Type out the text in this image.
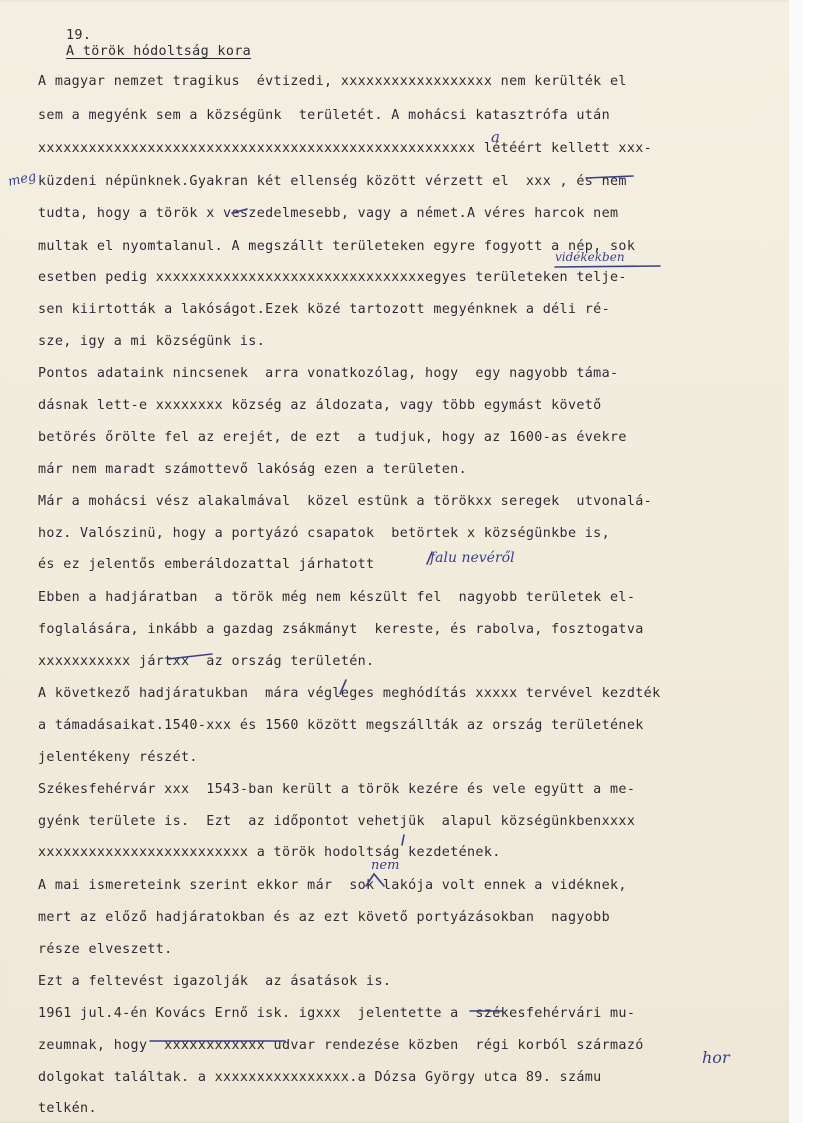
19.
A török hódoltság kora
A magyar nemzet tragikus  évtizedi, xxxxxxxxxxxxxxxxxx nem kerülték el
sem a megyénk sem a községünk  területét. A mohácsi katasztrófa után
xxxxxxxxxxxxxxxxxxxxxxxxxxxxxxxxxxxxxxxxxxxxxxxxxxxx létéért kellett xxx-
küzdeni népünknek.Gyakran két ellenség között vérzett el  xxx , és nem
tudta, hogy a török x veszedelmesebb, vagy a német.A véres harcok nem
multak el nyomtalanul. A megszállt területeken egyre fogyott a nép, sok
esetben pedig xxxxxxxxxxxxxxxxxxxxxxxxxxxxxxxxegyes területeken telje-
sen kiirtották a lakóságot.Ezek közé tartozott megyénknek a déli ré-
sze, igy a mi községünk is.
Pontos adataink nincsenek  arra vonatkozólag, hogy  egy nagyobb táma-
dásnak lett-e xxxxxxxx község az áldozata, vagy több egymást követő
betörés őrölte fel az erejét, de ezt  a tudjuk, hogy az 1600-as évekre
már nem maradt számottevő lakóság ezen a területen.
Már a mohácsi vész alakalmával  közel estünk a törökxx seregek  utvonalá-
hoz. Valószinü, hogy a portyázó csapatok  betörtek x községünkbe is,
és ez jelentős emberáldozattal járhatott
Ebben a hadjáratban  a török még nem készült fel  nagyobb területek el-
foglalására, inkább a gazdag zsákmányt  kereste, és rabolva, fosztogatva
xxxxxxxxxxx jártxx  az ország területén.
A következő hadjáratukban  mára végleges meghódítás xxxxx tervével kezdték
a támadásaikat.1540-xxx és 1560 között megszállták az ország területének
jelentékeny részét.
Székesfehérvár xxx  1543-ban került a török kezére és vele együtt a me-
gyénk területe is.  Ezt  az időpontot vehetjük  alapul községünkbenxxxx
xxxxxxxxxxxxxxxxxxxxxxxxx a török hodoltság kezdetének.
A mai ismereteink szerint ekkor már  sok lakója volt ennek a vidéknek,
mert az előző hadjáratokban és az ezt követő portyázásokban  nagyobb
része elveszett.
Ezt a feltevést igazolják  az ásatások is.
1961 jul.4-én Kovács Ernő isk. igxxx  jelentette a  székesfehérvári mu-
zeumnak, hogy  xxxxxxxxxxxx udvar rendezése közben  régi korból származó
dolgokat találtak. a xxxxxxxxxxxxxxxx.a Dózsa György utca 89. számu
telkén.
a
vidékekben
meg
falu nevéről
nem
hor
